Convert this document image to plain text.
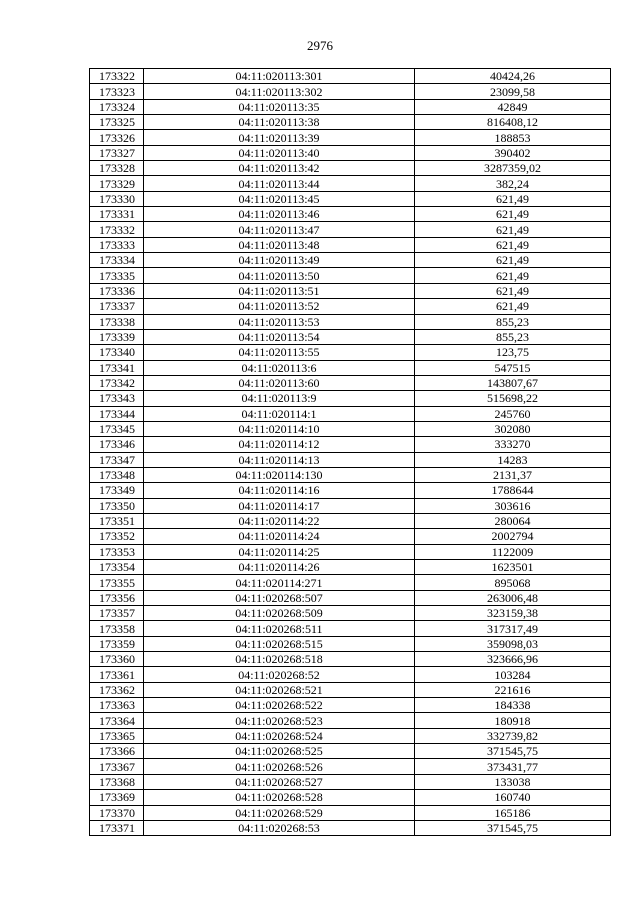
2976
173322	04:11:020113:301	40424,26
173323	04:11:020113:302	23099,58
173324	04:11:020113:35	42849
173325	04:11:020113:38	816408,12
173326	04:11:020113:39	188853
173327	04:11:020113:40	390402
173328	04:11:020113:42	3287359,02
173329	04:11:020113:44	382,24
173330	04:11:020113:45	621,49
173331	04:11:020113:46	621,49
173332	04:11:020113:47	621,49
173333	04:11:020113:48	621,49
173334	04:11:020113:49	621,49
173335	04:11:020113:50	621,49
173336	04:11:020113:51	621,49
173337	04:11:020113:52	621,49
173338	04:11:020113:53	855,23
173339	04:11:020113:54	855,23
173340	04:11:020113:55	123,75
173341	04:11:020113:6	547515
173342	04:11:020113:60	143807,67
173343	04:11:020113:9	515698,22
173344	04:11:020114:1	245760
173345	04:11:020114:10	302080
173346	04:11:020114:12	333270
173347	04:11:020114:13	14283
173348	04:11:020114:130	2131,37
173349	04:11:020114:16	1788644
173350	04:11:020114:17	303616
173351	04:11:020114:22	280064
173352	04:11:020114:24	2002794
173353	04:11:020114:25	1122009
173354	04:11:020114:26	1623501
173355	04:11:020114:271	895068
173356	04:11:020268:507	263006,48
173357	04:11:020268:509	323159,38
173358	04:11:020268:511	317317,49
173359	04:11:020268:515	359098,03
173360	04:11:020268:518	323666,96
173361	04:11:020268:52	103284
173362	04:11:020268:521	221616
173363	04:11:020268:522	184338
173364	04:11:020268:523	180918
173365	04:11:020268:524	332739,82
173366	04:11:020268:525	371545,75
173367	04:11:020268:526	373431,77
173368	04:11:020268:527	133038
173369	04:11:020268:528	160740
173370	04:11:020268:529	165186
173371	04:11:020268:53	371545,75
